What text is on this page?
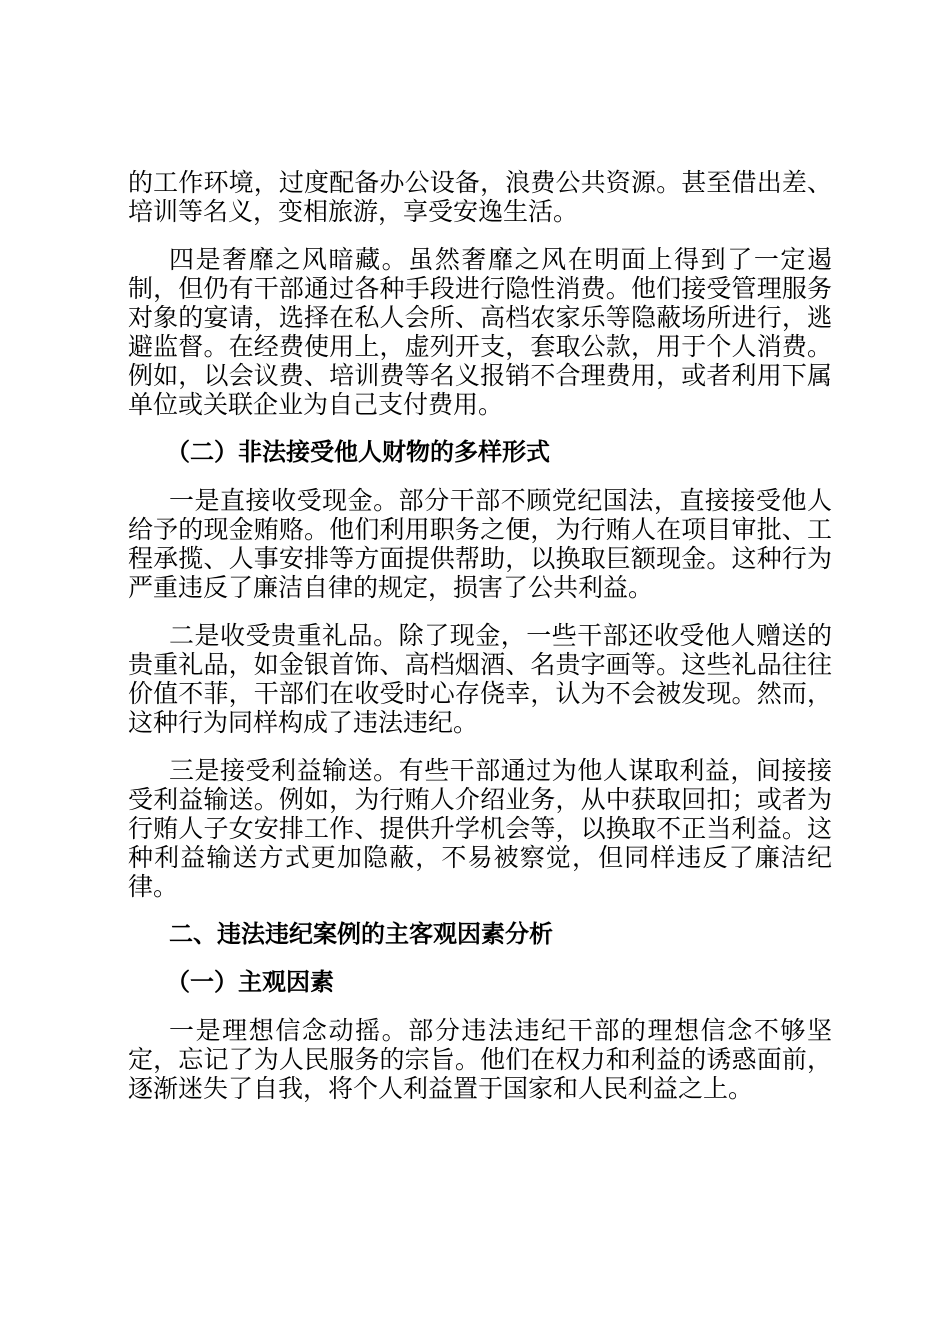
的工作环境，过度配备办公设备，浪费公共资源。甚至借出差、培训等名义，变相旅游，享受安逸生活。

四是奢靡之风暗藏。虽然奢靡之风在明面上得到了一定遏制，但仍有干部通过各种手段进行隐性消费。他们接受管理服务对象的宴请，选择在私人会所、高档农家乐等隐蔽场所进行，逃避监督。在经费使用上，虚列开支，套取公款，用于个人消费。例如，以会议费、培训费等名义报销不合理费用，或者利用下属单位或关联企业为自己支付费用。

（二）非法接受他人财物的多样形式

一是直接收受现金。部分干部不顾党纪国法，直接接受他人给予的现金贿赂。他们利用职务之便，为行贿人在项目审批、工程承揽、人事安排等方面提供帮助，以换取巨额现金。这种行为严重违反了廉洁自律的规定，损害了公共利益。

二是收受贵重礼品。除了现金，一些干部还收受他人赠送的贵重礼品，如金银首饰、高档烟酒、名贵字画等。这些礼品往往价值不菲，干部们在收受时心存侥幸，认为不会被发现。然而，这种行为同样构成了违法违纪。

三是接受利益输送。有些干部通过为他人谋取利益，间接接受利益输送。例如，为行贿人介绍业务，从中获取回扣；或者为行贿人子女安排工作、提供升学机会等，以换取不正当利益。这种利益输送方式更加隐蔽，不易被察觉，但同样违反了廉洁纪律。

二、违法违纪案例的主客观因素分析
（一）主观因素

一是理想信念动摇。部分违法违纪干部的理想信念不够坚定，忘记了为人民服务的宗旨。他们在权力和利益的诱惑面前，逐渐迷失了自我，将个人利益置于国家和人民利益之上。
